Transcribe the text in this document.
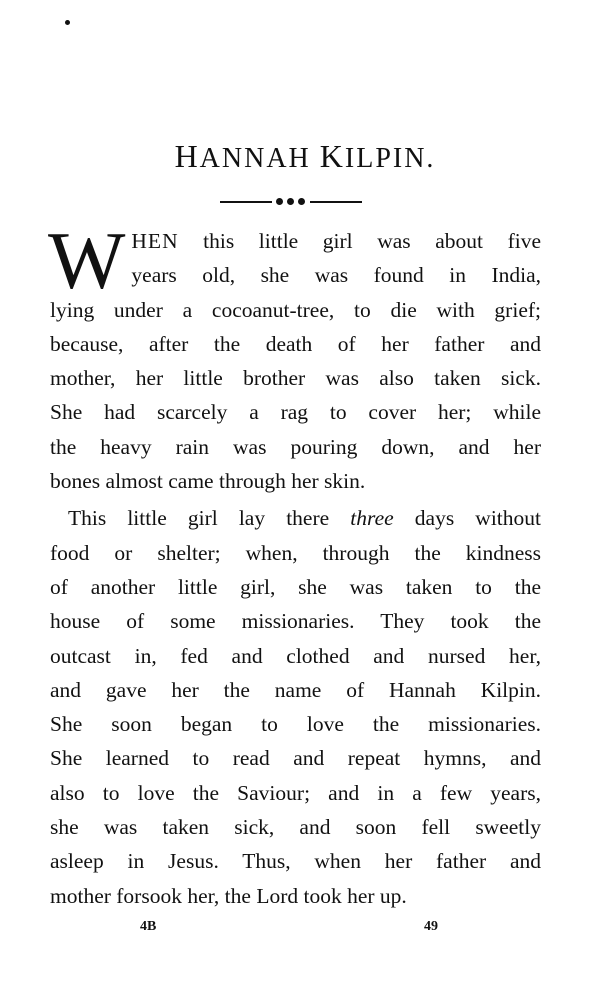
HANNAH KILPIN.

W HEN this little girl was about five
years old, she was found in India,
lying under a cocoanut-tree, to die with grief;
because, after the death of her father and
mother, her little brother was also taken sick.
She had scarcely a rag to cover her; while
the heavy rain was pouring down, and her
bones almost came through her skin.

This little girl lay there three days without
food or shelter; when, through the kindness
of another little girl, she was taken to the
house of some missionaries. They took the
outcast in, fed and clothed and nursed her,
and gave her the name of Hannah Kilpin.
She soon began to love the missionaries.
She learned to read and repeat hymns, and
also to love the Saviour; and in a few years,
she was taken sick, and soon fell sweetly
asleep in Jesus. Thus, when her father and
mother forsook her, the Lord took her up.

4B	49
